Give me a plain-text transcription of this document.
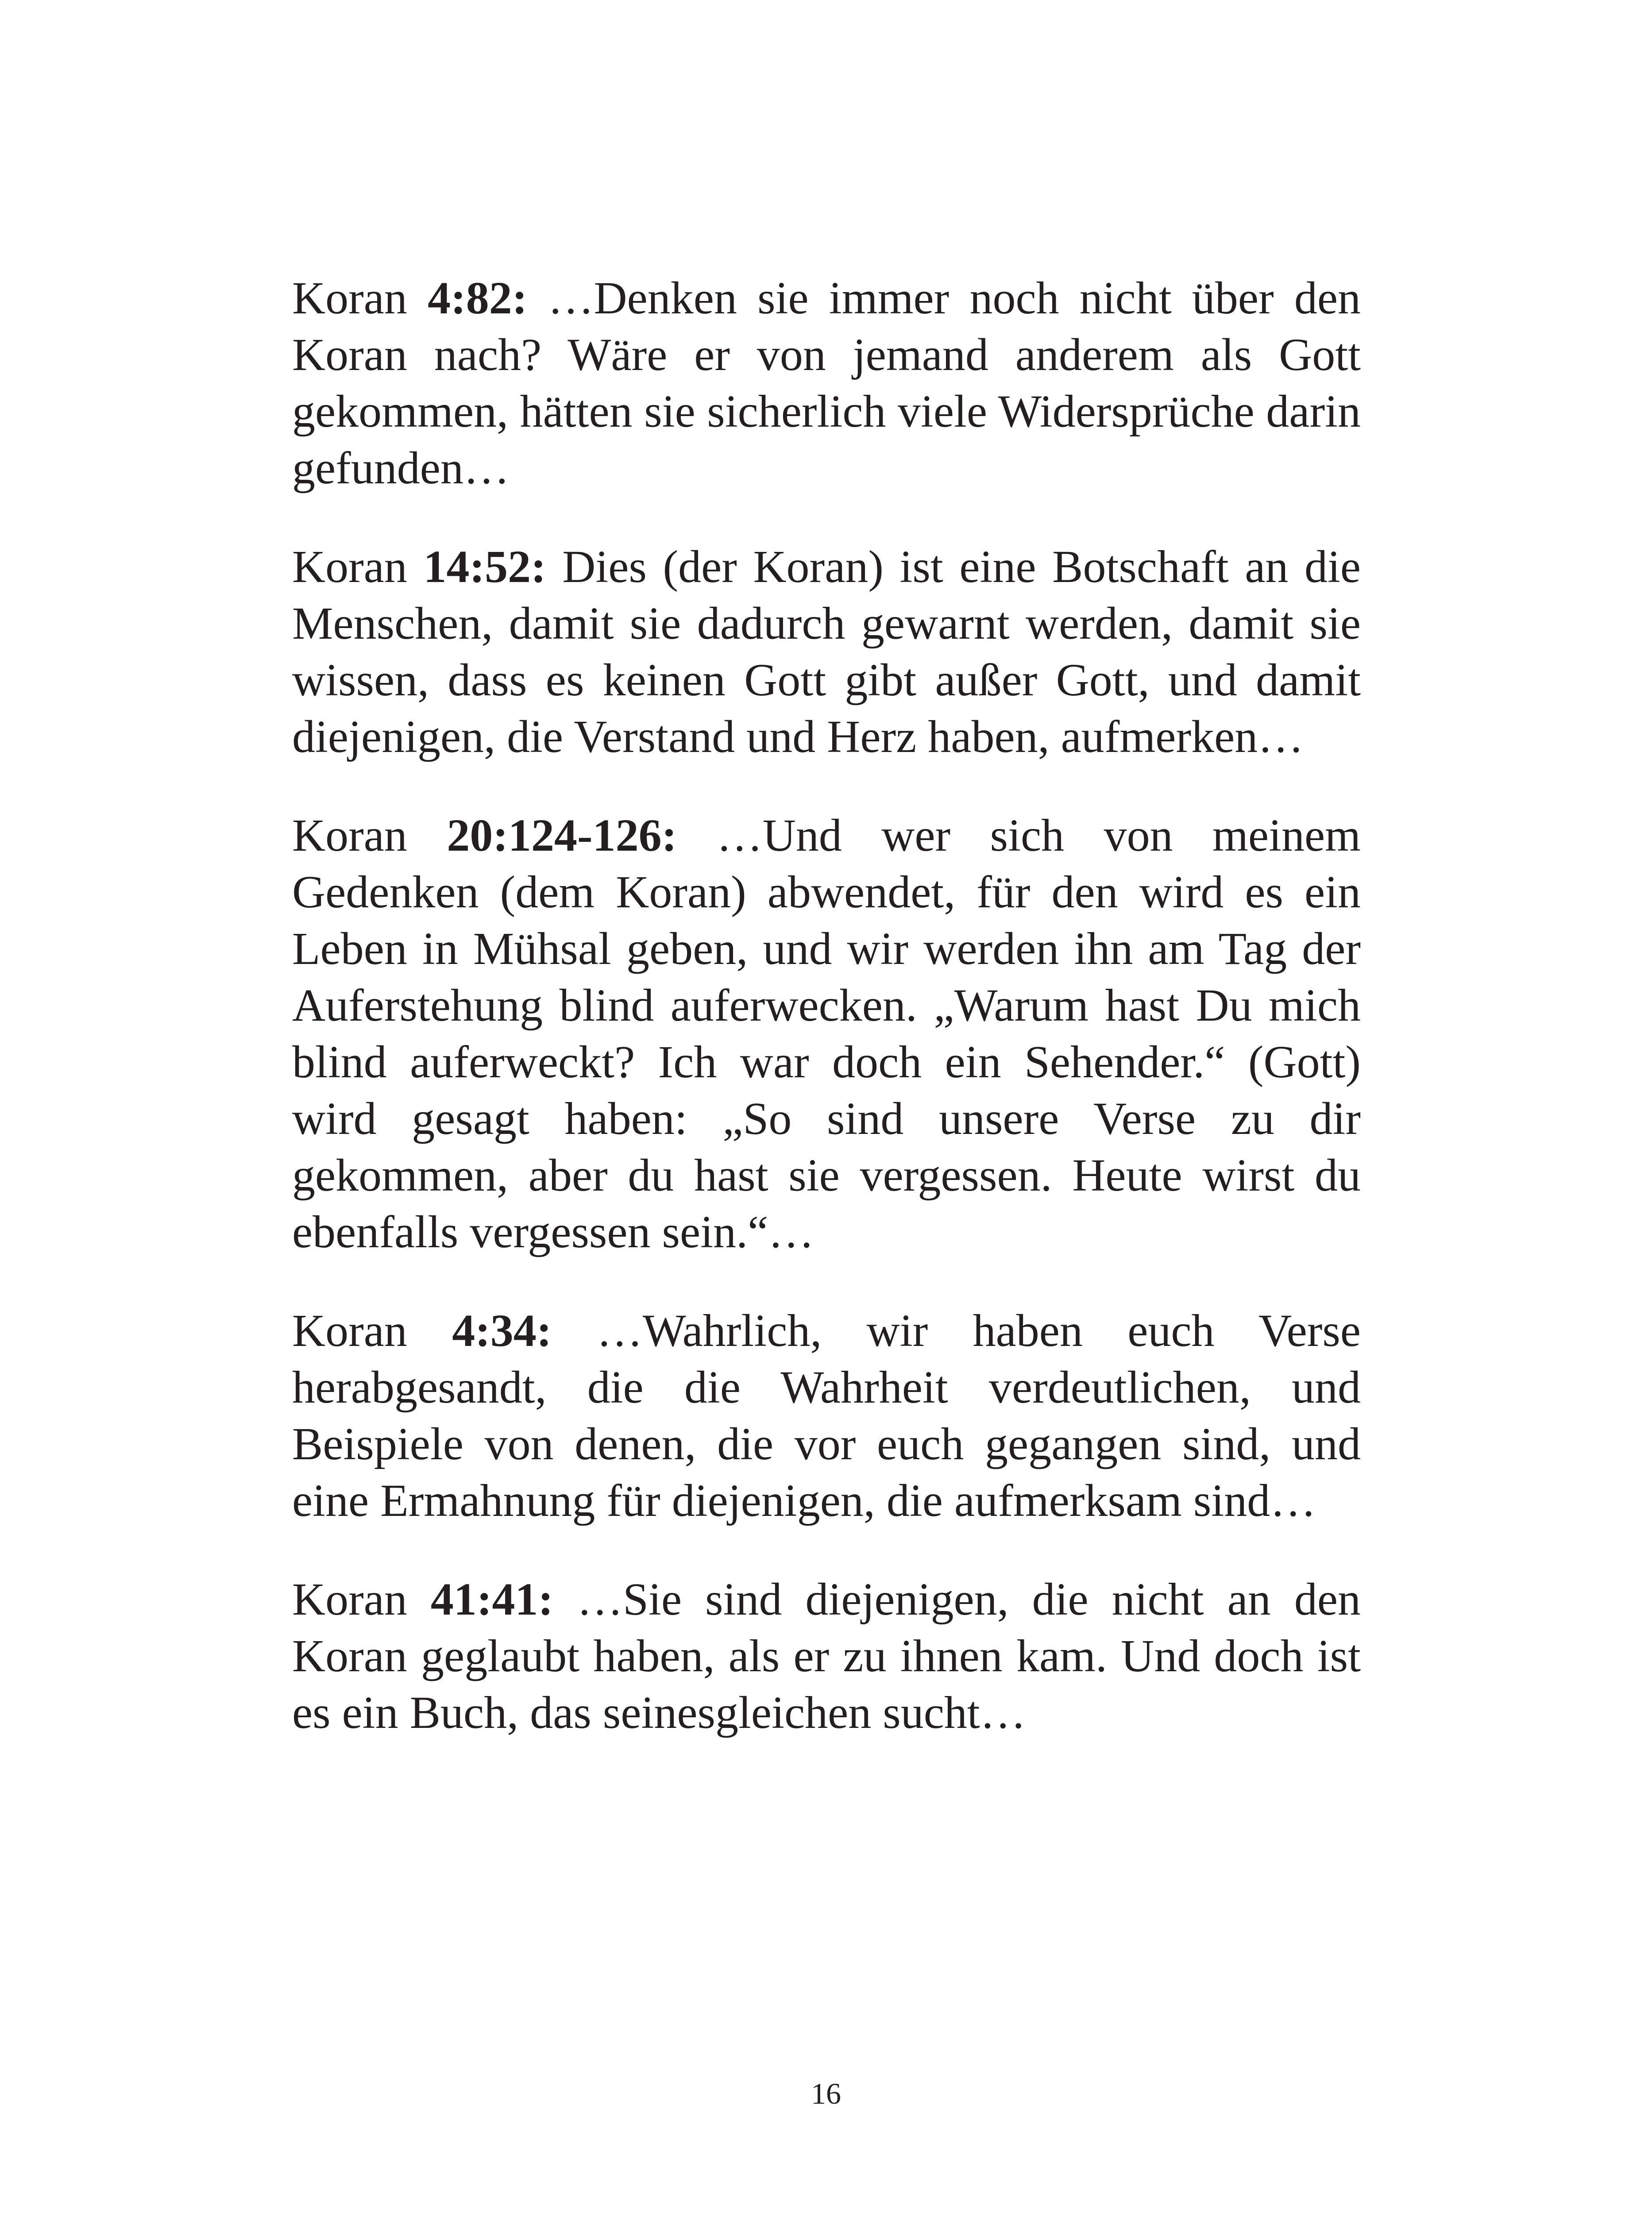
Koran 4:82: …Denken sie immer noch nicht über den Koran nach? Wäre er von jemand anderem als Gott gekommen, hätten sie sicherlich viele Widersprüche darin gefunden…

Koran 14:52: Dies (der Koran) ist eine Botschaft an die Menschen, damit sie dadurch gewarnt werden, damit sie wissen, dass es keinen Gott gibt außer Gott, und damit diejenigen, die Verstand und Herz haben, aufmerken…

Koran 20:124-126: …Und wer sich von meinem Gedenken (dem Koran) abwendet, für den wird es ein Leben in Mühsal geben, und wir werden ihn am Tag der Auferstehung blind auferwecken. „Warum hast Du mich blind auferweckt? Ich war doch ein Sehender.“ (Gott) wird gesagt haben: „So sind unsere Verse zu dir gekommen, aber du hast sie vergessen. Heute wirst du ebenfalls vergessen sein.“…

Koran 4:34: …Wahrlich, wir haben euch Verse herabgesandt, die die Wahrheit verdeutlichen, und Beispiele von denen, die vor euch gegangen sind, und eine Ermahnung für diejenigen, die aufmerksam sind…

Koran 41:41: …Sie sind diejenigen, die nicht an den Koran geglaubt haben, als er zu ihnen kam. Und doch ist es ein Buch, das seinesgleichen sucht…

16
